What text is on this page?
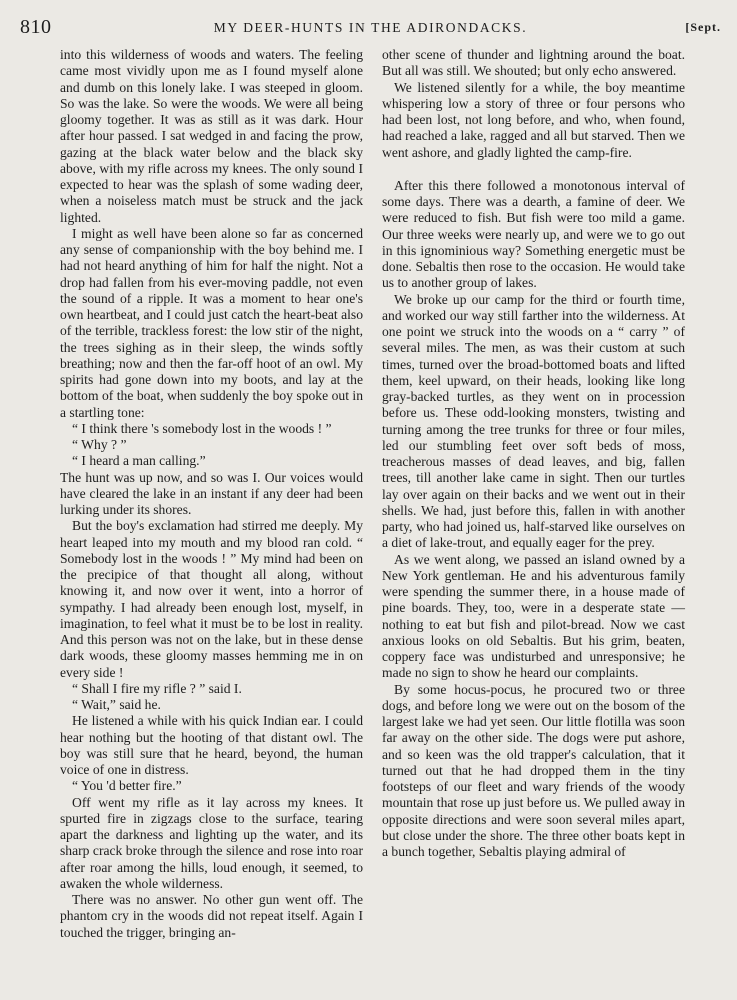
810	MY DEER-HUNTS IN THE ADIRONDACKS.	[Sept.

into this wilderness of woods and waters. The feeling came most vividly upon me as I found myself alone and dumb on this lonely lake. I was steeped in gloom. So was the lake. So were the woods. We were all being gloomy together. It was as still as it was dark. Hour after hour passed. I sat wedged in and facing the prow, gazing at the black water below and the black sky above, with my rifle across my knees. The only sound I expected to hear was the splash of some wading deer, when a noiseless match must be struck and the jack lighted.

I might as well have been alone so far as concerned any sense of companionship with the boy behind me. I had not heard anything of him for half the night. Not a drop had fallen from his ever-moving paddle, not even the sound of a ripple. It was a moment to hear one's own heartbeat, and I could just catch the heart-beat also of the terrible, trackless forest: the low stir of the night, the trees sighing as in their sleep, the winds softly breathing; now and then the far-off hoot of an owl. My spirits had gone down into my boots, and lay at the bottom of the boat, when suddenly the boy spoke out in a startling tone:

“ I think there 's somebody lost in the woods ! ”

“ Why ? ”

“ I heard a man calling.”

The hunt was up now, and so was I. Our voices would have cleared the lake in an instant if any deer had been lurking under its shores.

But the boy's exclamation had stirred me deeply. My heart leaped into my mouth and my blood ran cold. “ Somebody lost in the woods ! ” My mind had been on the precipice of that thought all along, without knowing it, and now over it went, into a horror of sympathy. I had already been enough lost, myself, in imagination, to feel what it must be to be lost in reality. And this person was not on the lake, but in these dense dark woods, these gloomy masses hemming me in on every side !

“ Shall I fire my rifle ? ” said I.

“ Wait,” said he.

He listened a while with his quick Indian ear. I could hear nothing but the hooting of that distant owl. The boy was still sure that he heard, beyond, the human voice of one in distress.

“ You 'd better fire.”

Off went my rifle as it lay across my knees. It spurted fire in zigzags close to the surface, tearing apart the darkness and lighting up the water, and its sharp crack broke through the silence and rose into roar after roar among the hills, loud enough, it seemed, to awaken the whole wilderness.

There was no answer. No other gun went off. The phantom cry in the woods did not repeat itself. Again I touched the trigger, bringing an-

other scene of thunder and lightning around the boat. But all was still. We shouted; but only echo answered.

We listened silently for a while, the boy meantime whispering low a story of three or four persons who had been lost, not long before, and who, when found, had reached a lake, ragged and all but starved. Then we went ashore, and gladly lighted the camp-fire.

After this there followed a monotonous interval of some days. There was a dearth, a famine of deer. We were reduced to fish. But fish were too mild a game. Our three weeks were nearly up, and were we to go out in this ignominious way? Something energetic must be done. Sebaltis then rose to the occasion. He would take us to another group of lakes.

We broke up our camp for the third or fourth time, and worked our way still farther into the wilderness. At one point we struck into the woods on a “ carry ” of several miles. The men, as was their custom at such times, turned over the broad-bottomed boats and lifted them, keel upward, on their heads, looking like long gray-backed turtles, as they went on in procession before us. These odd-looking monsters, twisting and turning among the tree trunks for three or four miles, led our stumbling feet over soft beds of moss, treacherous masses of dead leaves, and big, fallen trees, till another lake came in sight. Then our turtles lay over again on their backs and we went out in their shells. We had, just before this, fallen in with another party, who had joined us, half-starved like ourselves on a diet of lake-trout, and equally eager for the prey.

As we went along, we passed an island owned by a New York gentleman. He and his adventurous family were spending the summer there, in a house made of pine boards. They, too, were in a desperate state — nothing to eat but fish and pilot-bread. Now we cast anxious looks on old Sebaltis. But his grim, beaten, coppery face was undisturbed and unresponsive; he made no sign to show he heard our complaints.

By some hocus-pocus, he procured two or three dogs, and before long we were out on the bosom of the largest lake we had yet seen. Our little flotilla was soon far away on the other side. The dogs were put ashore, and so keen was the old trapper's calculation, that it turned out that he had dropped them in the tiny footsteps of our fleet and wary friends of the woody mountain that rose up just before us. We pulled away in opposite directions and were soon several miles apart, but close under the shore. The three other boats kept in a bunch together, Sebaltis playing admiral of
